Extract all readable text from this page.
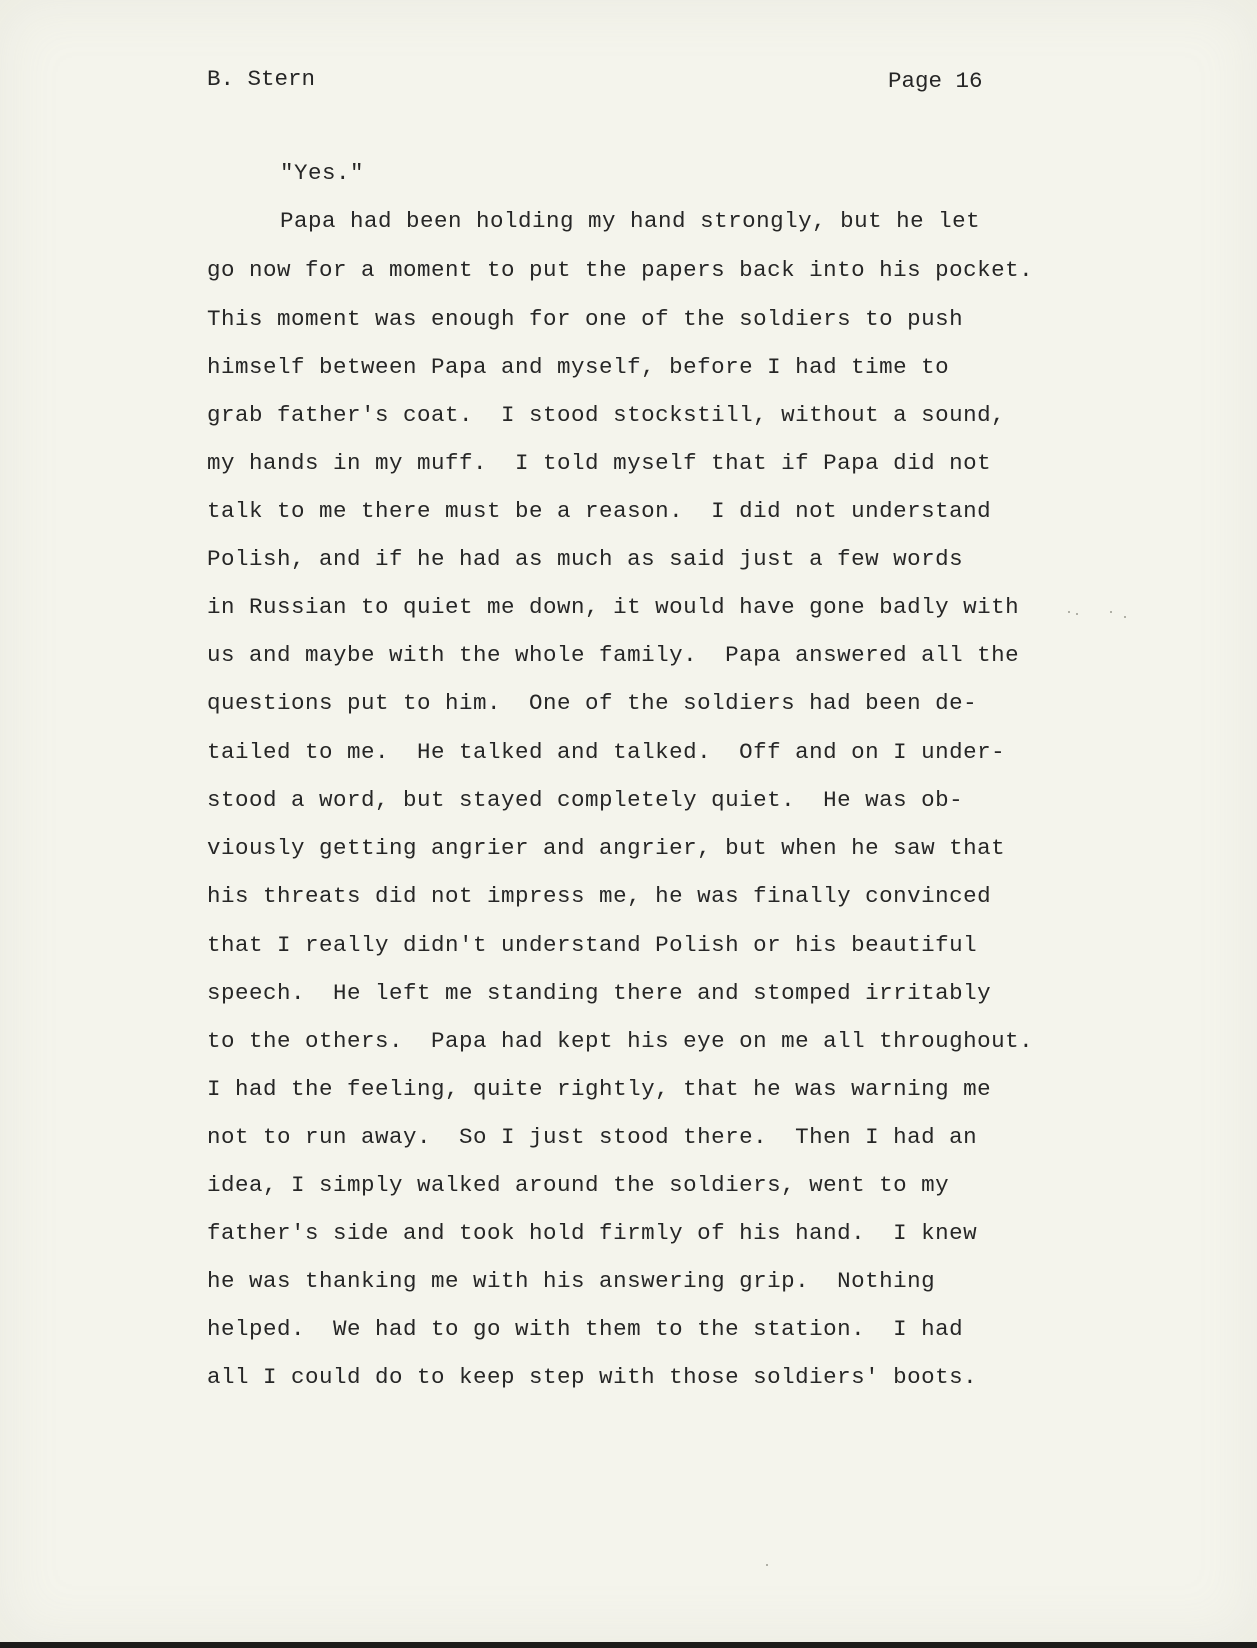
B. Stern	Page 16

"Yes."
Papa had been holding my hand strongly, but he let
go now for a moment to put the papers back into his pocket.
This moment was enough for one of the soldiers to push
himself between Papa and myself, before I had time to
grab father's coat.  I stood stockstill, without a sound,
my hands in my muff.  I told myself that if Papa did not
talk to me there must be a reason.  I did not understand
Polish, and if he had as much as said just a few words
in Russian to quiet me down, it would have gone badly with
us and maybe with the whole family.  Papa answered all the
questions put to him.  One of the soldiers had been de-
tailed to me.  He talked and talked.  Off and on I under-
stood a word, but stayed completely quiet.  He was ob-
viously getting angrier and angrier, but when he saw that
his threats did not impress me, he was finally convinced
that I really didn't understand Polish or his beautiful
speech.  He left me standing there and stomped irritably
to the others.  Papa had kept his eye on me all throughout.
I had the feeling, quite rightly, that he was warning me
not to run away.  So I just stood there.  Then I had an
idea, I simply walked around the soldiers, went to my
father's side and took hold firmly of his hand.  I knew
he was thanking me with his answering grip.  Nothing
helped.  We had to go with them to the station.  I had
all I could do to keep step with those soldiers' boots.
